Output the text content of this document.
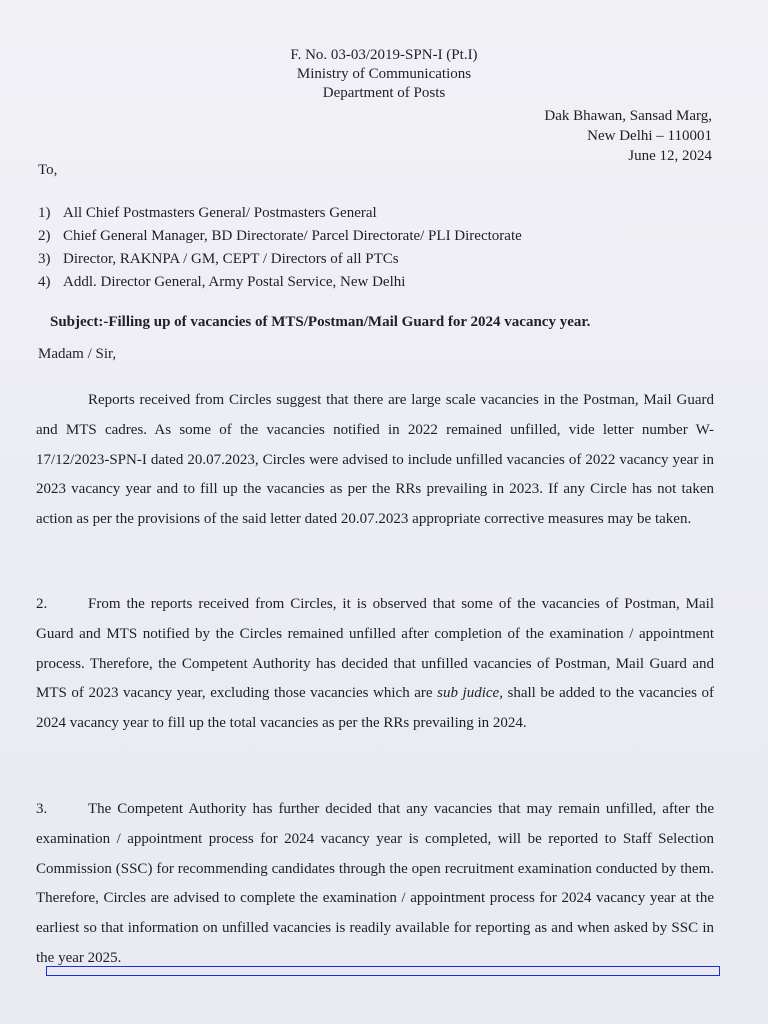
F. No. 03-03/2019-SPN-I (Pt.I)
Ministry of Communications
Department of Posts
Dak Bhawan, Sansad Marg,
New Delhi – 110001
June 12, 2024
To,
1) All Chief Postmasters General/ Postmasters General
2) Chief General Manager, BD Directorate/ Parcel Directorate/ PLI Directorate
3) Director, RAKNPA / GM, CEPT / Directors of all PTCs
4) Addl. Director General, Army Postal Service, New Delhi
Subject:-Filling up of vacancies of MTS/Postman/Mail Guard for 2024 vacancy year.
Madam / Sir,

Reports received from Circles suggest that there are large scale vacancies in the Postman, Mail Guard and MTS cadres. As some of the vacancies notified in 2022 remained unfilled, vide letter number W-17/12/2023-SPN-I dated 20.07.2023, Circles were advised to include unfilled vacancies of 2022 vacancy year in 2023 vacancy year and to fill up the vacancies as per the RRs prevailing in 2023. If any Circle has not taken action as per the provisions of the said letter dated 20.07.2023 appropriate corrective measures may be taken.

2.	From the reports received from Circles, it is observed that some of the vacancies of Postman, Mail Guard and MTS notified by the Circles remained unfilled after completion of the examination / appointment process. Therefore, the Competent Authority has decided that unfilled vacancies of Postman, Mail Guard and MTS of 2023 vacancy year, excluding those vacancies which are sub judice, shall be added to the vacancies of 2024 vacancy year to fill up the total vacancies as per the RRs prevailing in 2024.

3.	The Competent Authority has further decided that any vacancies that may remain unfilled, after the examination / appointment process for 2024 vacancy year is completed, will be reported to Staff Selection Commission (SSC) for recommending candidates through the open recruitment examination conducted by them. Therefore, Circles are advised to complete the examination / appointment process for 2024 vacancy year at the earliest so that information on unfilled vacancies is readily available for reporting as and when asked by SSC in the year 2025.
